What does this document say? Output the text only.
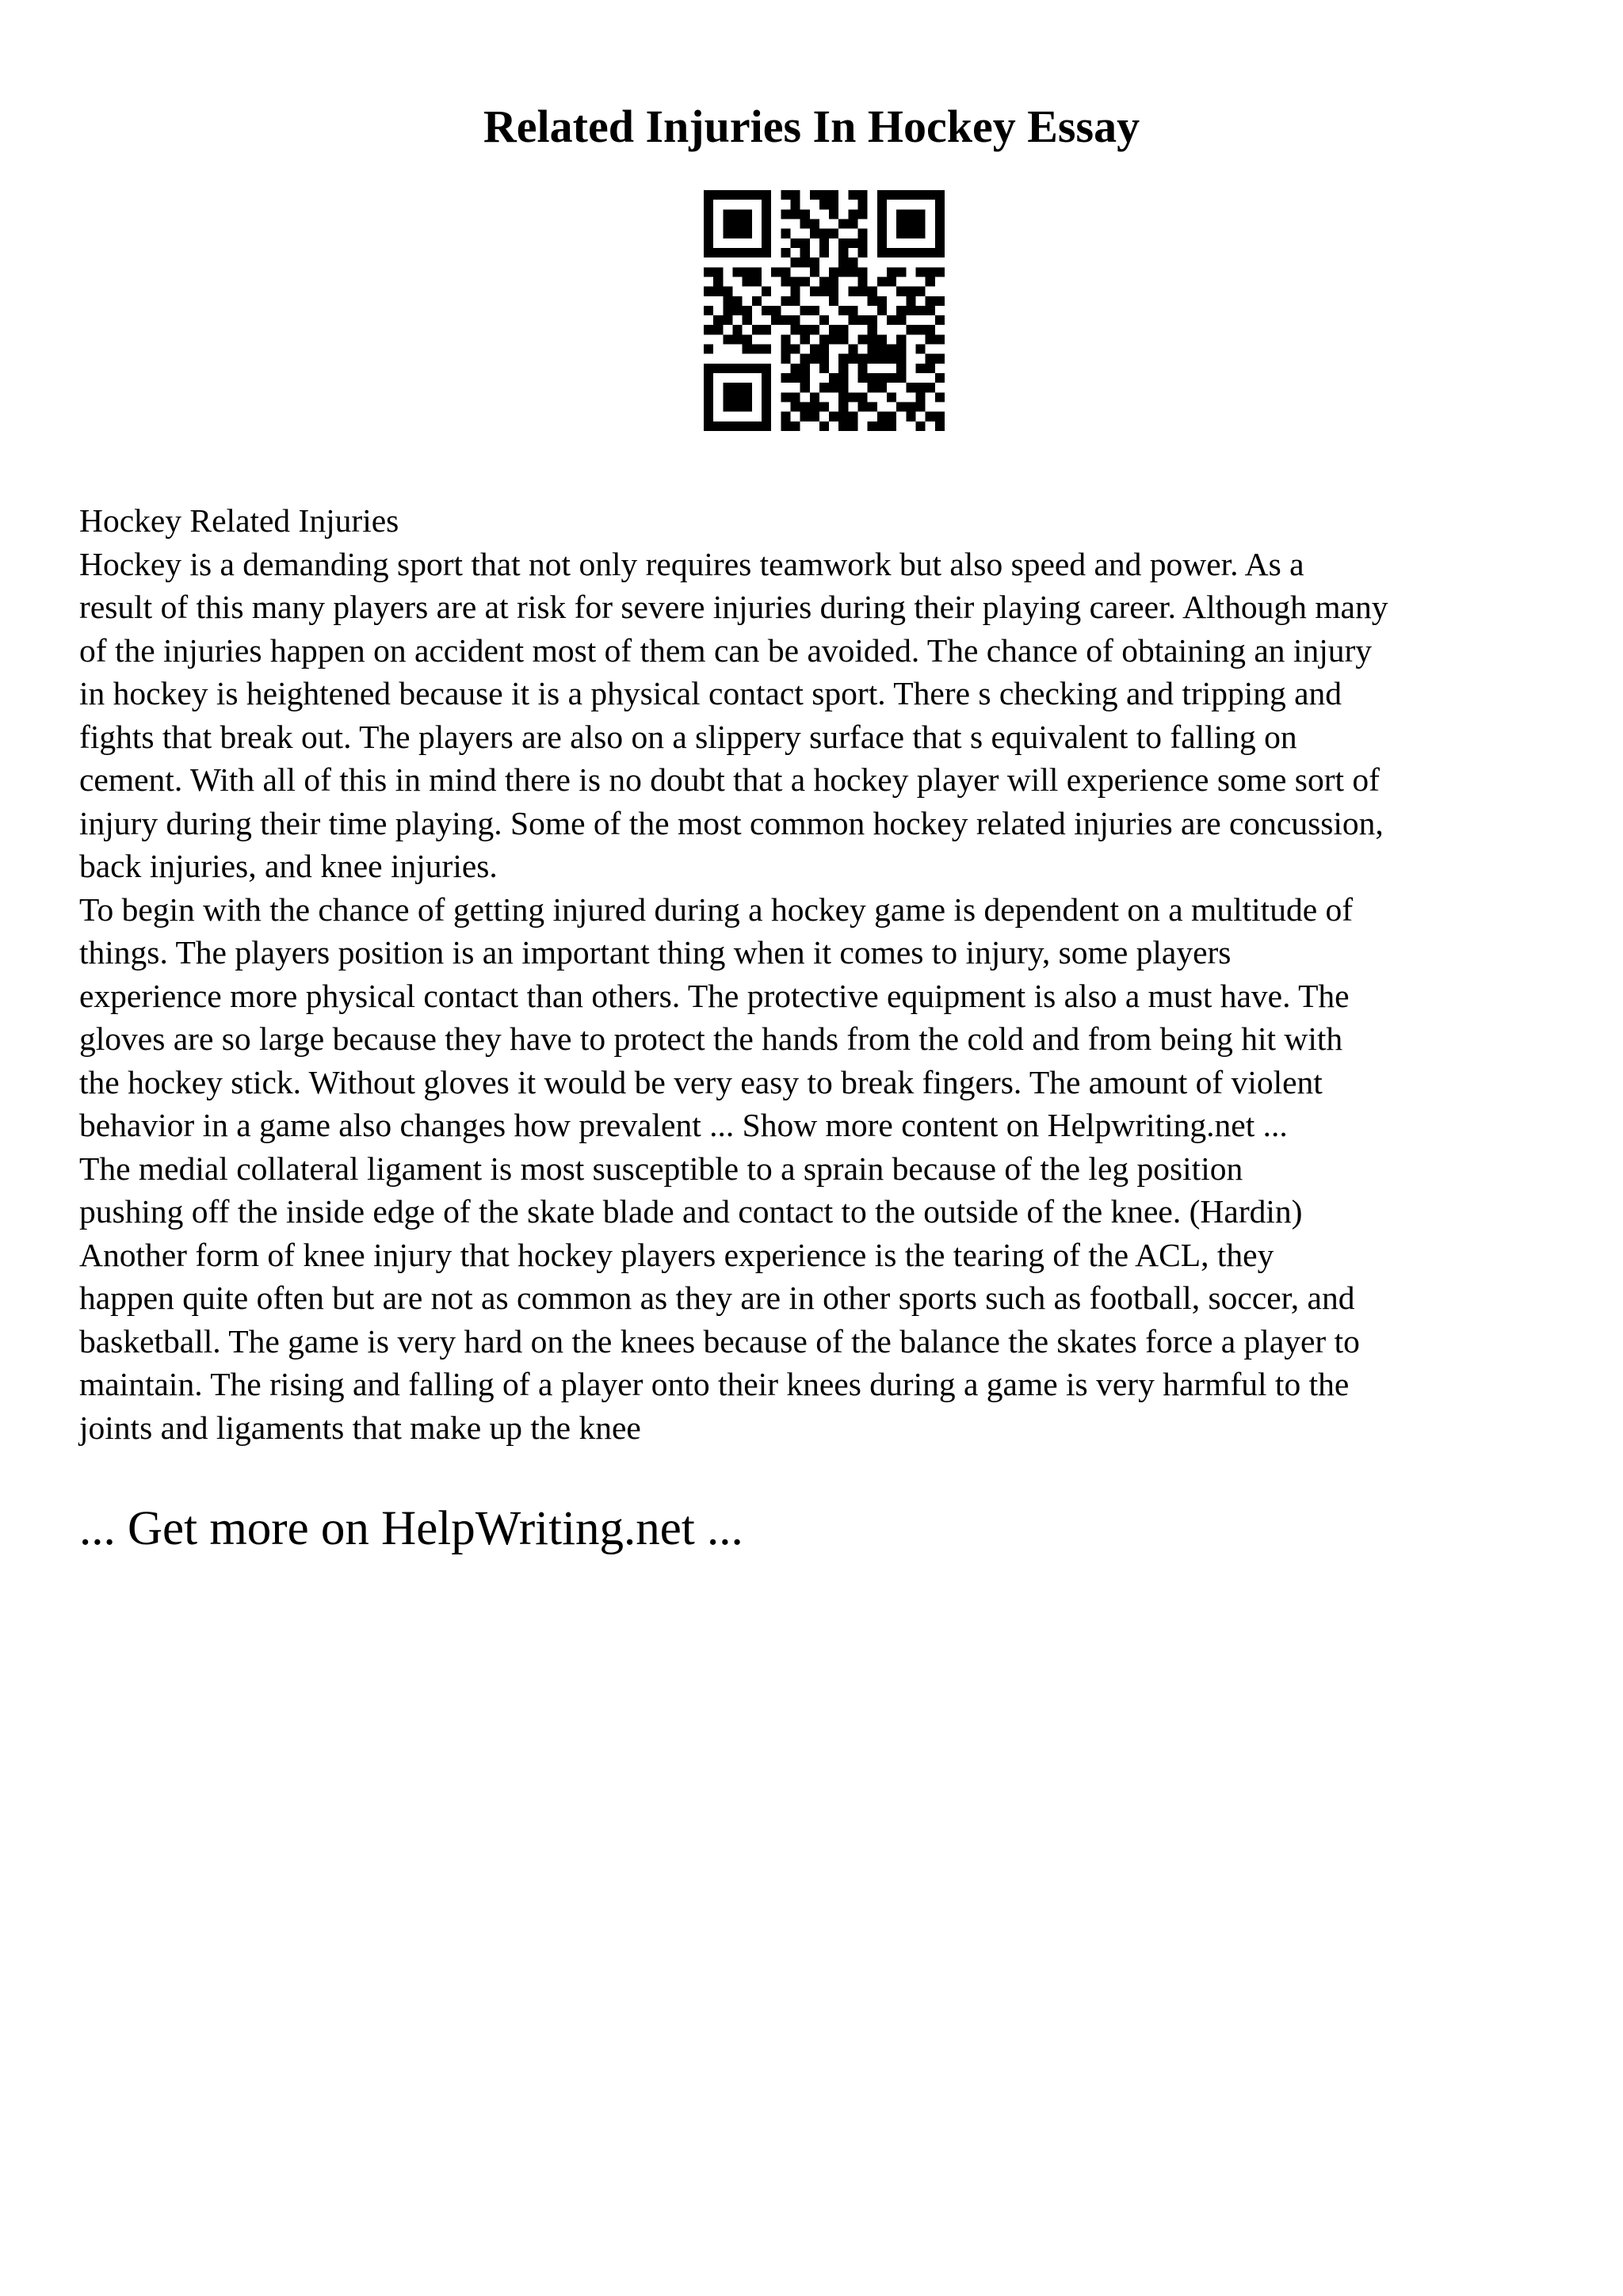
Related Injuries In Hockey Essay
Hockey Related Injuries
Hockey is a demanding sport that not only requires teamwork but also speed and power. As a
result of this many players are at risk for severe injuries during their playing career. Although many
of the injuries happen on accident most of them can be avoided. The chance of obtaining an injury
in hockey is heightened because it is a physical contact sport. There s checking and tripping and
fights that break out. The players are also on a slippery surface that s equivalent to falling on
cement. With all of this in mind there is no doubt that a hockey player will experience some sort of
injury during their time playing. Some of the most common hockey related injuries are concussion,
back injuries, and knee injuries.
To begin with the chance of getting injured during a hockey game is dependent on a multitude of
things. The players position is an important thing when it comes to injury, some players
experience more physical contact than others. The protective equipment is also a must have. The
gloves are so large because they have to protect the hands from the cold and from being hit with
the hockey stick. Without gloves it would be very easy to break fingers. The amount of violent
behavior in a game also changes how prevalent ... Show more content on Helpwriting.net ...
The medial collateral ligament is most susceptible to a sprain because of the leg position
pushing off the inside edge of the skate blade and contact to the outside of the knee. (Hardin)
Another form of knee injury that hockey players experience is the tearing of the ACL, they
happen quite often but are not as common as they are in other sports such as football, soccer, and
basketball. The game is very hard on the knees because of the balance the skates force a player to
maintain. The rising and falling of a player onto their knees during a game is very harmful to the
joints and ligaments that make up the knee
... Get more on HelpWriting.net ...
